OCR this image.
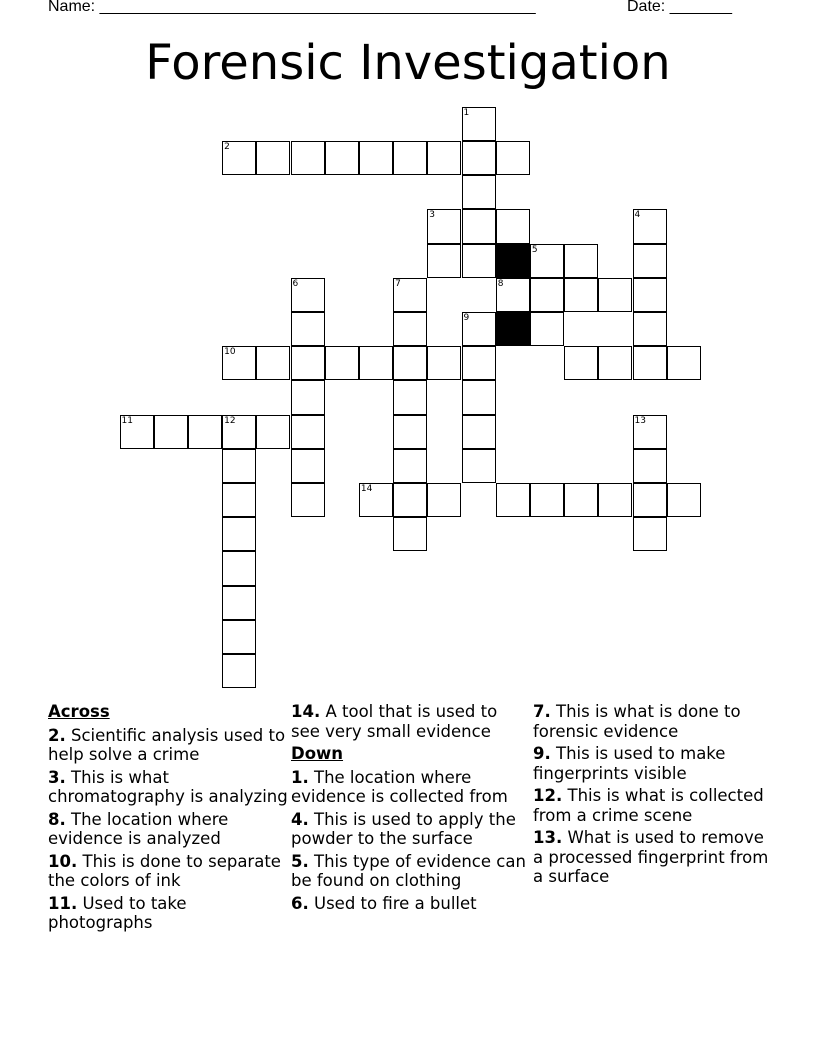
Name: _________________________________________________	Date: _______
Forensic Investigation
1
2
3
5
4
6	7	8
9
10
11	12	13
14
Across
2. Scientific analysis used to help solve a crime
3. This is what chromatography is analyzing
8. The location where evidence is analyzed
10. This is done to separate the colors of ink
11. Used to take photographs
14. A tool that is used to see very small evidence
Down
1. The location where evidence is collected from
4. This is used to apply the powder to the surface
5. This type of evidence can be found on clothing
6. Used to fire a bullet
7. This is what is done to forensic evidence
9. This is used to make fingerprints visible
12. This is what is collected from a crime scene
13. What is used to remove a processed fingerprint from a surface
